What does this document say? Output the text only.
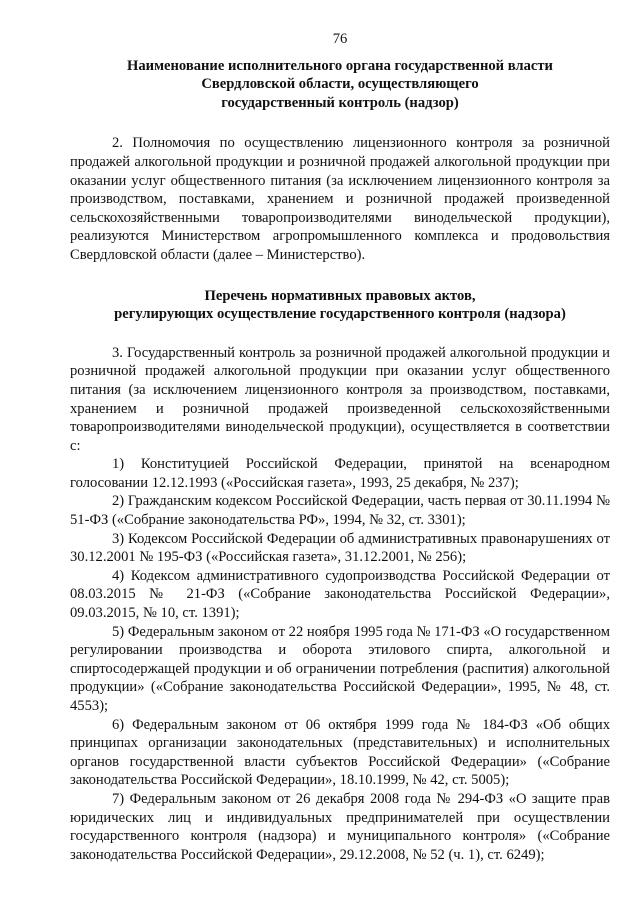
76
Наименование исполнительного органа государственной власти
Свердловской области, осуществляющего
государственный контроль (надзор)

2. Полномочия по осуществлению лицензионного контроля за розничной продажей алкогольной продукции и розничной продажей алкогольной продукции при оказании услуг общественного питания (за исключением лицензионного контроля за производством, поставками, хранением и розничной продажей произведенной сельскохозяйственными товаропроизводителями винодельческой продукции), реализуются Министерством агропромышленного комплекса и продовольствия Свердловской области (далее – Министерство).

Перечень нормативных правовых актов,
регулирующих осуществление государственного контроля (надзора)

3. Государственный контроль за розничной продажей алкогольной продукции и розничной продажей алкогольной продукции при оказании услуг общественного питания (за исключением лицензионного контроля за производством, поставками, хранением и розничной продажей произведенной сельскохозяйственными товаропроизводителями винодельческой продукции), осуществляется в соответствии с:

1) Конституцией Российской Федерации, принятой на всенародном голосовании 12.12.1993 («Российская газета», 1993, 25 декабря, № 237);

2) Гражданским кодексом Российской Федерации, часть первая от 30.11.1994 № 51-ФЗ («Собрание законодательства РФ», 1994, № 32, ст. 3301);

3) Кодексом Российской Федерации об административных правонарушениях от 30.12.2001 № 195-ФЗ («Российская газета», 31.12.2001, № 256);

4) Кодексом административного судопроизводства Российской Федерации от 08.03.2015 № 21-ФЗ («Собрание законодательства Российской Федерации», 09.03.2015, № 10, ст. 1391);

5) Федеральным законом от 22 ноября 1995 года № 171-ФЗ «О государственном регулировании производства и оборота этилового спирта, алкогольной и спиртосодержащей продукции и об ограничении потребления (распития) алкогольной продукции» («Собрание законодательства Российской Федерации», 1995, № 48, ст. 4553);

6) Федеральным законом от 06 октября 1999 года № 184-ФЗ «Об общих принципах организации законодательных (представительных) и исполнительных органов государственной власти субъектов Российской Федерации» («Собрание законодательства Российской Федерации», 18.10.1999, № 42, ст. 5005);

7) Федеральным законом от 26 декабря 2008 года № 294-ФЗ «О защите прав юридических лиц и индивидуальных предпринимателей при осуществлении государственного контроля (надзора) и муниципального контроля» («Собрание законодательства Российской Федерации», 29.12.2008, № 52 (ч. 1), ст. 6249);
